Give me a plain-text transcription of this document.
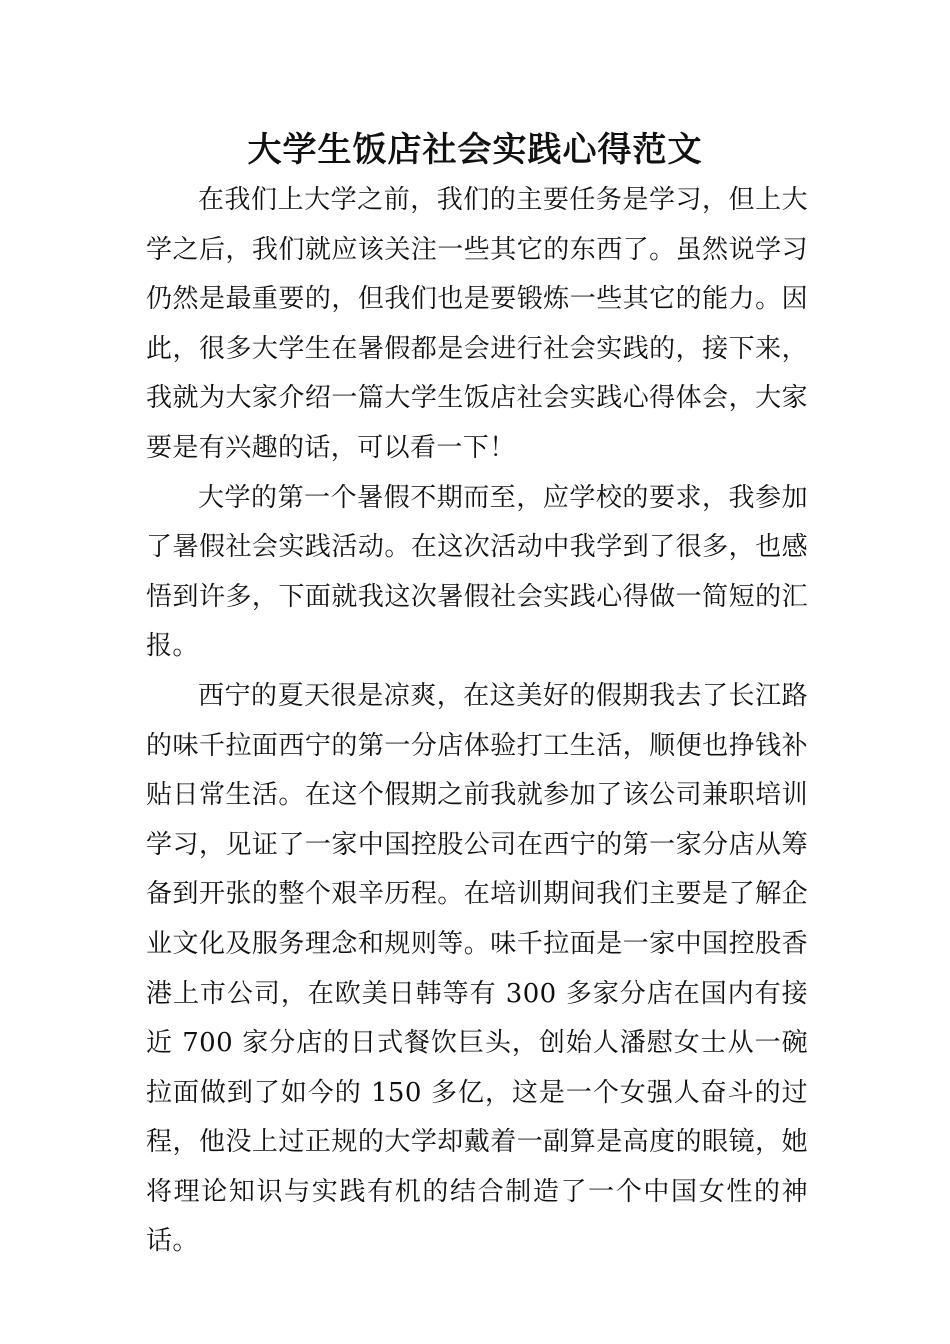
大学生饭店社会实践心得范文

在我们上大学之前，我们的主要任务是学习，但上大学之后，我们就应该关注一些其它的东西了。虽然说学习仍然是最重要的，但我们也是要锻炼一些其它的能力。因此，很多大学生在暑假都是会进行社会实践的，接下来，我就为大家介绍一篇大学生饭店社会实践心得体会，大家要是有兴趣的话，可以看一下！

大学的第一个暑假不期而至，应学校的要求，我参加了暑假社会实践活动。在这次活动中我学到了很多，也感悟到许多，下面就我这次暑假社会实践心得做一简短的汇报。

西宁的夏天很是凉爽，在这美好的假期我去了长江路的味千拉面西宁的第一分店体验打工生活，顺便也挣钱补贴日常生活。在这个假期之前我就参加了该公司兼职培训学习，见证了一家中国控股公司在西宁的第一家分店从筹备到开张的整个艰辛历程。在培训期间我们主要是了解企业文化及服务理念和规则等。味千拉面是一家中国控股香港上市公司，在欧美日韩等有 300 多家分店在国内有接近 700 家分店的日式餐饮巨头，创始人潘慰女士从一碗拉面做到了如今的 150 多亿，这是一个女强人奋斗的过程，他没上过正规的大学却戴着一副算是高度的眼镜，她将理论知识与实践有机的结合制造了一个中国女性的神话。
